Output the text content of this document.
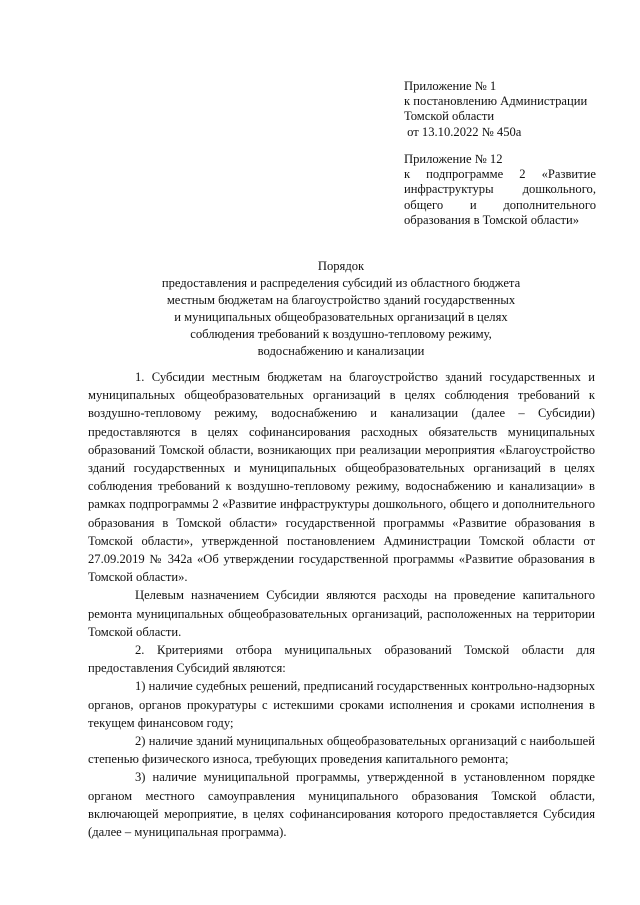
Приложение № 1

к постановлению Администрации

Томской области

от 13.10.2022 № 450а

Приложение № 12

к подпрограмме 2 «Развитие инфраструктуры дошкольного, общего и дополнительного образования в Томской области»

Порядок

предоставления и распределения субсидий из областного бюджета

местным бюджетам на благоустройство зданий государственных

и муниципальных общеобразовательных организаций в целях

соблюдения требований к воздушно-тепловому режиму,

водоснабжению и канализации

1. Субсидии местным бюджетам на благоустройство зданий государственных и муниципальных общеобразовательных организаций в целях соблюдения требований к воздушно-тепловому режиму, водоснабжению и канализации (далее – Субсидии) предоставляются в целях софинансирования расходных обязательств муниципальных образований Томской области, возникающих при реализации мероприятия «Благоустройство зданий государственных и муниципальных общеобразовательных организаций в целях соблюдения требований к воздушно-тепловому режиму, водоснабжению и канализации» в рамках подпрограммы 2 «Развитие инфраструктуры дошкольного, общего и дополнительного образования в Томской области» государственной программы «Развитие образования в Томской области», утвержденной постановлением Администрации Томской области от 27.09.2019 № 342а «Об утверждении государственной программы «Развитие образования в Томской области».

Целевым назначением Субсидии являются расходы на проведение капитального ремонта муниципальных общеобразовательных организаций, расположенных на территории Томской области.

2. Критериями отбора муниципальных образований Томской области для предоставления Субсидий являются:

1) наличие судебных решений, предписаний государственных контрольно-надзорных органов, органов прокуратуры с истекшими сроками исполнения и сроками исполнения в текущем финансовом году;

2) наличие зданий муниципальных общеобразовательных организаций с наибольшей степенью физического износа, требующих проведения капитального ремонта;

3) наличие муниципальной программы, утвержденной в установленном порядке органом местного самоуправления муниципального образования Томской области, включающей мероприятие, в целях софинансирования которого предоставляется Субсидия (далее – муниципальная программа).
